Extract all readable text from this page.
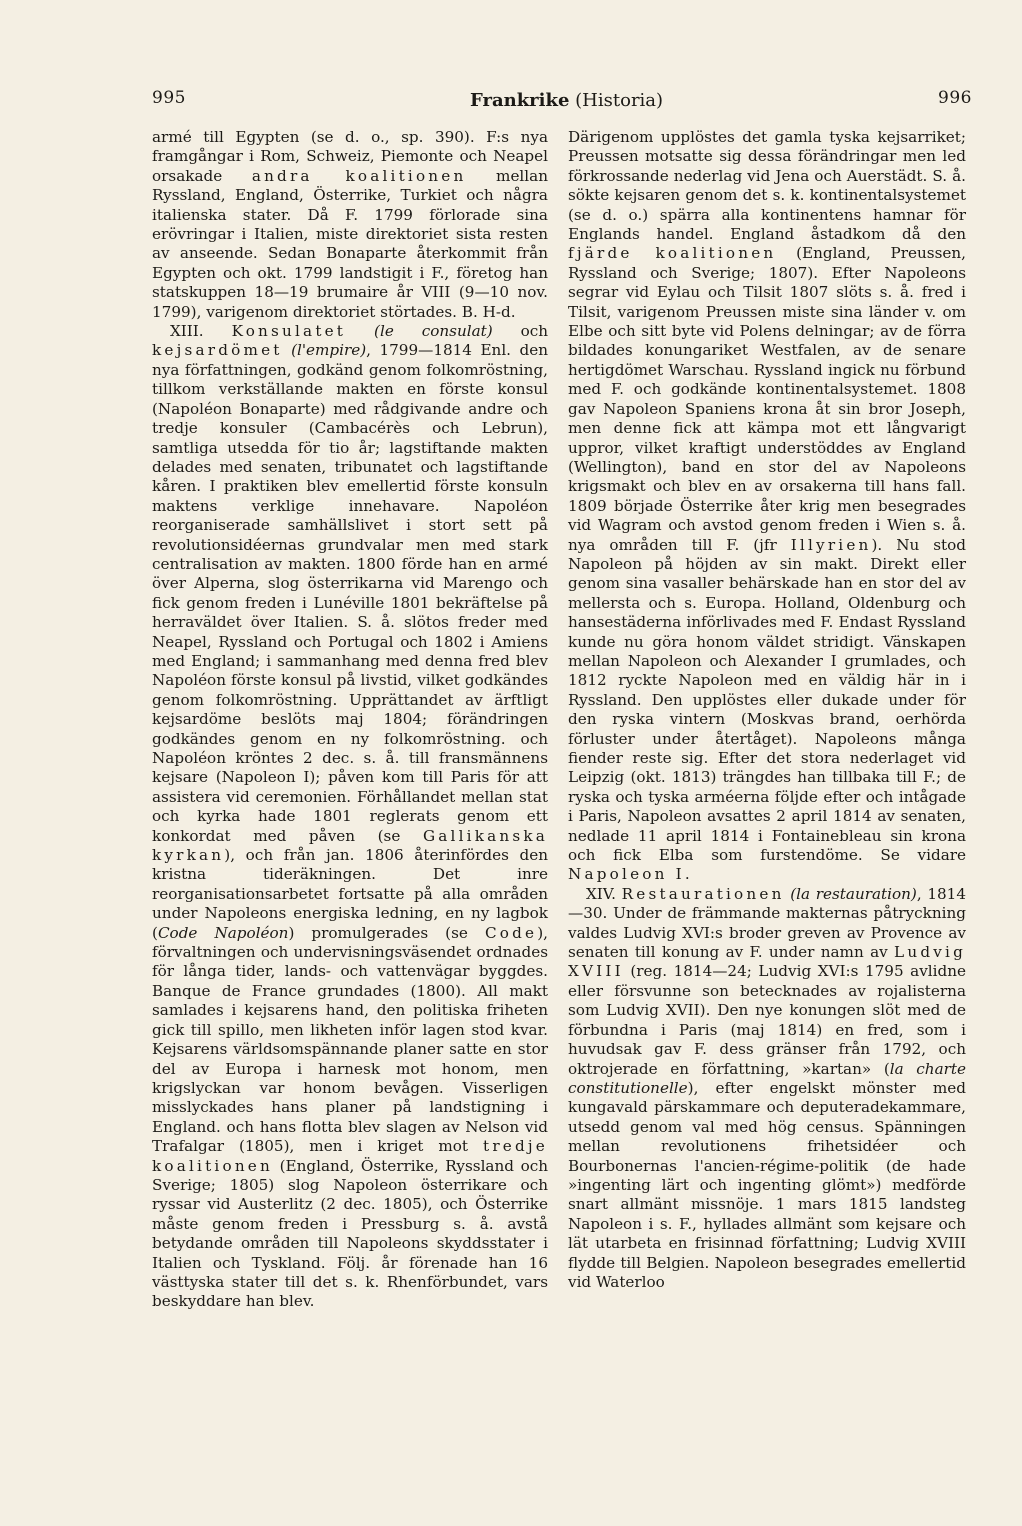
995	Frankrike (Historia)	996

armé till Egypten (se d. o., sp. 390). F:s nya framgångar i Rom, Schweiz, Piemonte och Neapel orsakade andra koalitionen mellan Ryssland, England, Österrike, Turkiet och några italienska stater. Då F. 1799 förlorade sina erövringar i Italien, miste direktoriet sista resten av anseende. Sedan Bonaparte återkommit från Egypten och okt. 1799 landstigit i F., företog han statskuppen 18—19 brumaire år VIII (9—10 nov. 1799), varigenom direktoriet störtades. B. H-d.

XIII. Konsulatet (le consulat) och kejsardömet (l'empire), 1799—1814 Enl. den nya författningen, godkänd genom folkomröstning, tillkom verkställande makten en förste konsul (Napoléon Bonaparte) med rådgivande andre och tredje konsuler (Cambacérès och Lebrun), samtliga utsedda för tio år; lagstiftande makten delades med senaten, tribunatet och lagstiftande kåren. I praktiken blev emellertid förste konsuln maktens verklige innehavare. Napoléon reorganiserade samhällslivet i stort sett på revolutionsidéernas grundvalar men med stark centralisation av makten. 1800 förde han en armé över Alperna, slog österrikarna vid Marengo och fick genom freden i Lunéville 1801 bekräftelse på herraväldet över Italien. S. å. slötos freder med Neapel, Ryssland och Portugal och 1802 i Amiens med England; i sammanhang med denna fred blev Napoléon förste konsul på livstid, vilket godkändes genom folkomröstning. Upprättandet av ärftligt kejsardöme beslöts maj 1804; förändringen godkändes genom en ny folkomröstning. och Napoléon kröntes 2 dec. s. å. till fransmännens kejsare (Napoleon I); påven kom till Paris för att assistera vid ceremonien. Förhållandet mellan stat och kyrka hade 1801 reglerats genom ett konkordat med påven (se Gallikanska kyrkan), och från jan. 1806 återinfördes den kristna tideräkningen. Det inre reorganisationsarbetet fortsatte på alla områden under Napoleons energiska ledning, en ny lagbok (Code Napoléon) promulgerades (se Code), förvaltningen och undervisningsväsendet ordnades för långa tider, lands- och vattenvägar byggdes. Banque de France grundades (1800). All makt samlades i kejsarens hand, den politiska friheten gick till spillo, men likheten inför lagen stod kvar. Kejsarens världsomspännande planer satte en stor del av Europa i harnesk mot honom, men krigslyckan var honom bevågen. Visserligen misslyckades hans planer på landstigning i England. och hans flotta blev slagen av Nelson vid Trafalgar (1805), men i kriget mot tredje koalitionen (England, Österrike, Ryssland och Sverige; 1805) slog Napoleon österrikare och ryssar vid Austerlitz (2 dec. 1805), och Österrike måste genom freden i Pressburg s. å. avstå betydande områden till Napoleons skyddsstater i Italien och Tyskland. Följ. år förenade han 16 västtyska stater till det s. k. Rhenförbundet, vars beskyddare han blev.

Därigenom upplöstes det gamla tyska kejsarriket; Preussen motsatte sig dessa förändringar men led förkrossande nederlag vid Jena och Auerstädt. S. å. sökte kejsaren genom det s. k. kontinentalsystemet (se d. o.) spärra alla kontinentens hamnar för Englands handel. England åstadkom då den fjärde koalitionen (England, Preussen, Ryssland och Sverige; 1807). Efter Napoleons segrar vid Eylau och Tilsit 1807 slöts s. å. fred i Tilsit, varigenom Preussen miste sina länder v. om Elbe och sitt byte vid Polens delningar; av de förra bildades konungariket Westfalen, av de senare hertigdömet Warschau. Ryssland ingick nu förbund med F. och godkände kontinentalsystemet. 1808 gav Napoleon Spaniens krona åt sin bror Joseph, men denne fick att kämpa mot ett långvarigt uppror, vilket kraftigt understöddes av England (Wellington), band en stor del av Napoleons krigsmakt och blev en av orsakerna till hans fall. 1809 började Österrike åter krig men besegrades vid Wagram och avstod genom freden i Wien s. å. nya områden till F. (jfr Illyrien). Nu stod Napoleon på höjden av sin makt. Direkt eller genom sina vasaller behärskade han en stor del av mellersta och s. Europa. Holland, Oldenburg och hansestäderna införlivades med F. Endast Ryssland kunde nu göra honom väldet stridigt. Vänskapen mellan Napoleon och Alexander I grumlades, och 1812 ryckte Napoleon med en väldig här in i Ryssland. Den upplöstes eller dukade under för den ryska vintern (Moskvas brand, oerhörda förluster under återtåget). Napoleons många fiender reste sig. Efter det stora nederlaget vid Leipzig (okt. 1813) trängdes han tillbaka till F.; de ryska och tyska arméerna följde efter och intågade i Paris, Napoleon avsattes 2 april 1814 av senaten, nedlade 11 april 1814 i Fontainebleau sin krona och fick Elba som furstendöme. Se vidare Napoleon I.

XIV. Restaurationen (la restauration), 1814—30. Under de främmande makternas påtryckning valdes Ludvig XVI:s broder greven av Provence av senaten till konung av F. under namn av Ludvig XVIII (reg. 1814—24; Ludvig XVI:s 1795 avlidne eller försvunne son betecknades av rojalisterna som Ludvig XVII). Den nye konungen slöt med de förbundna i Paris (maj 1814) en fred, som i huvudsak gav F. dess gränser från 1792, och oktrojerade en författning, »kartan» (la charte constitutionelle), efter engelskt mönster med kungavald pärskammare och deputeradekammare, utsedd genom val med hög census. Spänningen mellan revolutionens frihetsidéer och Bourbonernas l'ancien-régime-politik (de hade »ingenting lärt och ingenting glömt») medförde snart allmänt missnöje. 1 mars 1815 landsteg Napoleon i s. F., hyllades allmänt som kejsare och lät utarbeta en frisinnad författning; Ludvig XVIII flydde till Belgien. Napoleon besegrades emellertid vid Waterloo
